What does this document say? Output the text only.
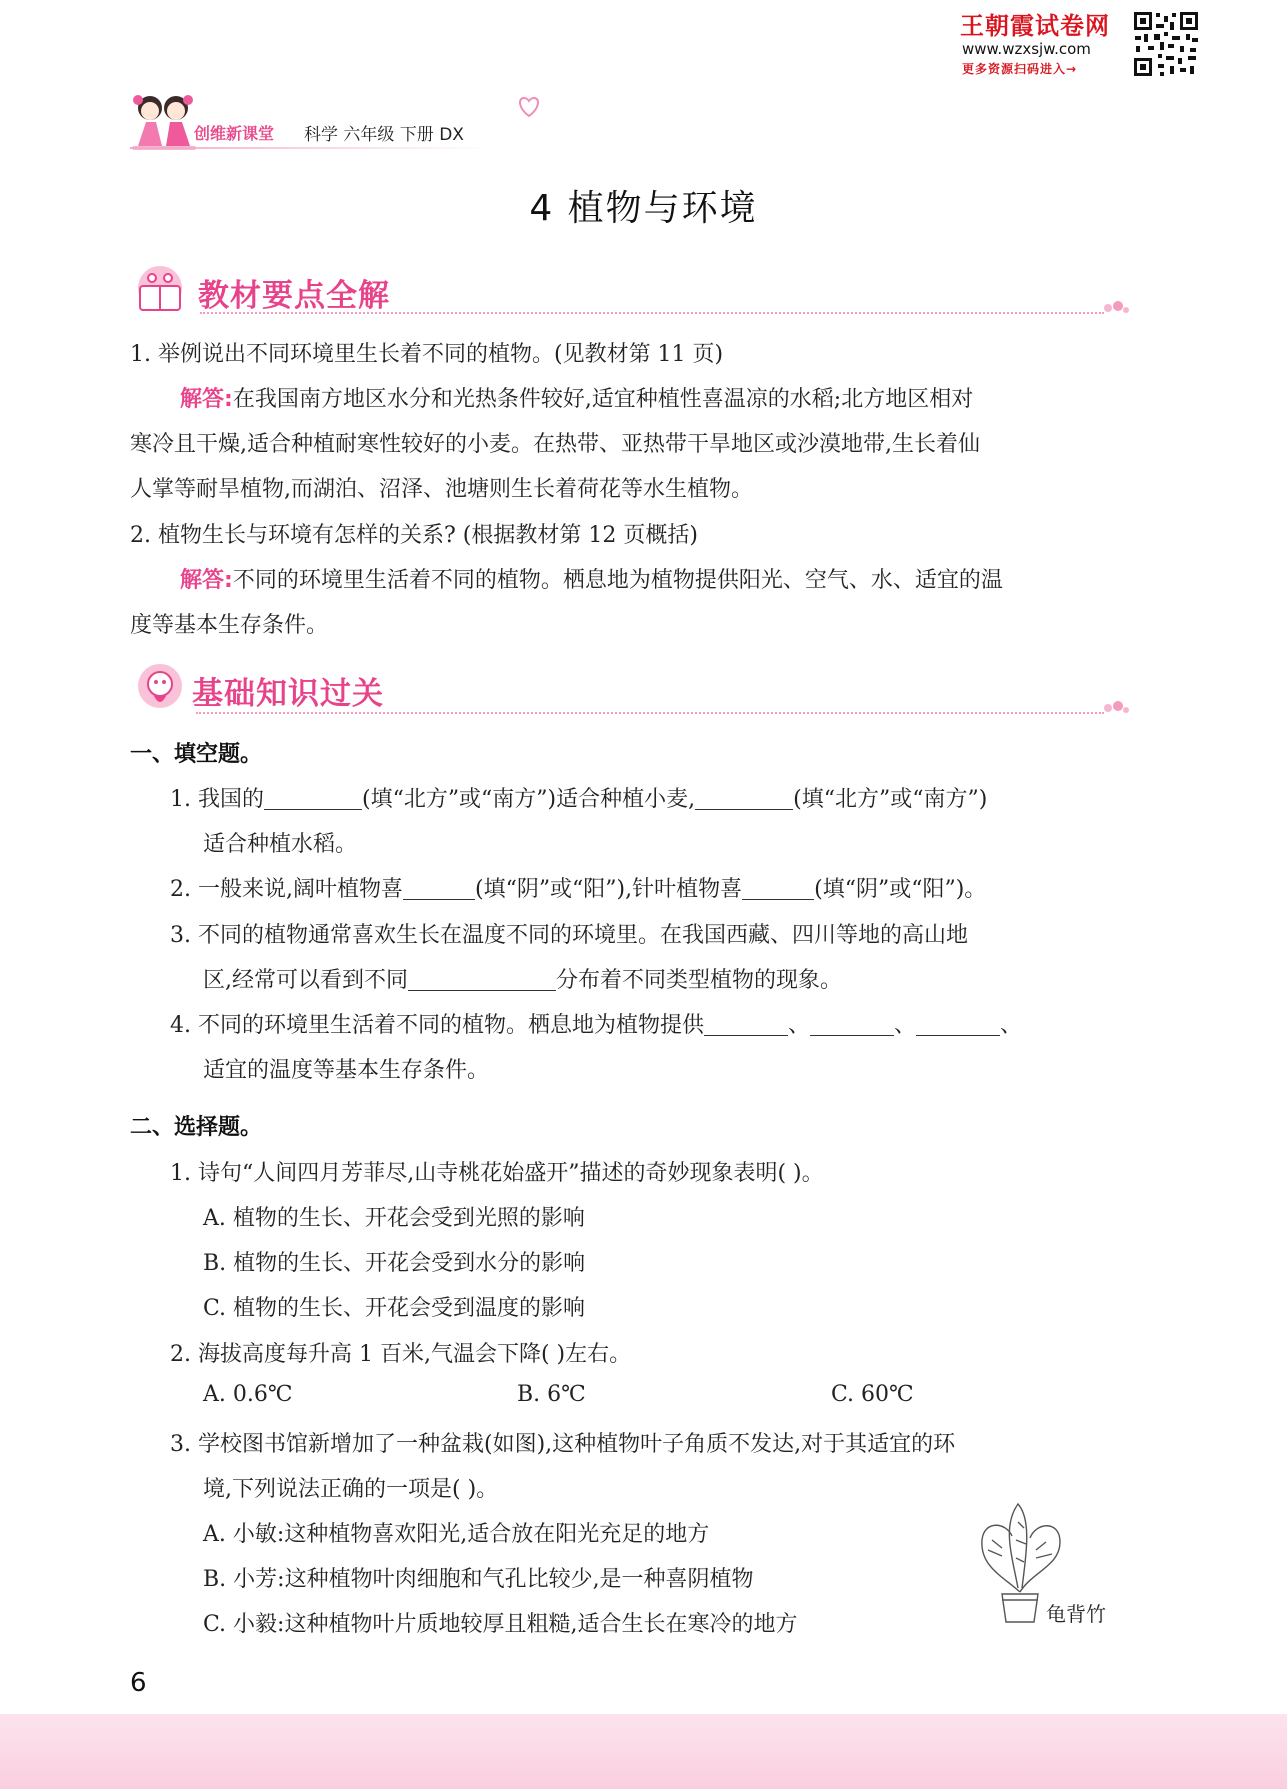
王朝霞试卷网
www.wzxsjw.com
更多资源扫码进入→
创维新课堂 科学 六年级 下册 DX
4 植物与环境
教材要点全解
1. 举例说出不同环境里生长着不同的植物。(见教材第 11 页)
解答:在我国南方地区水分和光热条件较好,适宜种植性喜温凉的水稻;北方地区相对
寒冷且干燥,适合种植耐寒性较好的小麦。在热带、亚热带干旱地区或沙漠地带,生长着仙
人掌等耐旱植物,而湖泊、沼泽、池塘则生长着荷花等水生植物。
2. 植物生长与环境有怎样的关系? (根据教材第 12 页概括)
解答:不同的环境里生活着不同的植物。栖息地为植物提供阳光、空气、水、适宜的温
度等基本生存条件。
基础知识过关
一、填空题。
1. 我国的	(填“北方”或“南方”)适合种植小麦,	(填“北方”或“南方”)
适合种植水稻。
2. 一般来说,阔叶植物喜	(填“阴”或“阳”),针叶植物喜	(填“阴”或“阳”)。
3. 不同的植物通常喜欢生长在温度不同的环境里。在我国西藏、四川等地的高山地
区,经常可以看到不同	分布着不同类型植物的现象。
4. 不同的环境里生活着不同的植物。栖息地为植物提供	、	、	、
适宜的温度等基本生存条件。
二、选择题。
1. 诗句“人间四月芳菲尽,山寺桃花始盛开”描述的奇妙现象表明( )。
A. 植物的生长、开花会受到光照的影响
B. 植物的生长、开花会受到水分的影响
C. 植物的生长、开花会受到温度的影响
2. 海拔高度每升高 1 百米,气温会下降( )左右。
A. 0.6℃	B. 6℃	C. 60℃
3. 学校图书馆新增加了一种盆栽(如图),这种植物叶子角质不发达,对于其适宜的环
境,下列说法正确的一项是( )。
A. 小敏:这种植物喜欢阳光,适合放在阳光充足的地方
B. 小芳:这种植物叶肉细胞和气孔比较少,是一种喜阴植物
C. 小毅:这种植物叶片质地较厚且粗糙,适合生长在寒冷的地方	龟背竹
6
